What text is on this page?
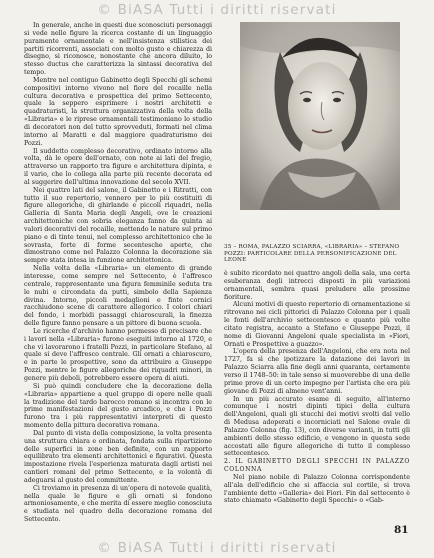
© BiASA Tutti i diritti riservati

In generale, anche in questi due sconosciuti personaggi si vede nelle figure la ricerca costante di un linguaggio puramente ornamentale e nell'insistenza stilistica dei partiti ricorrenti, associati con molto gusto e chiarezza di disegno, si riconosce, nonostante che ancora diluito, lo stesso ductus che caratterizza la sintassi decorativa del tempo.

Mentre nel contiguo Gabinetto degli Specchi gli schemi compositivi intorno vivono nel fiore del rocaille nella cultura decorativa e prospettica del primo Settecento, quale la seppero esprimere i nostri architetti e quadraturisti, la struttura organizzativa della volta della «Libraria» e le riprese ornamentali testimoniano lo studio di decoratori non del tutto sprovveduti, formati nel clima intorno al Maratti e dal maggiore quadraturismo dei Pozzi.

Il suddetto complesso decorativo, ordinato intorno alla volta, dà le opere dell'ornato, con note ai lati del fregio, attraverso un rapporto tra figure e architettura dipinta, e il vario, che lo collega alla parte più recente decorata ed al suggerire dell'ultima innovazione del secolo XVII.

Nei quattro lati del salone, il Gabinetto e i Ritratti, con tutto il suo repertorio, vennero per lo più costituiti di figure allegoriche, di ghirlande e piccoli riquadri, nella Galleria di Santa Maria degli Angeli, ove le creazioni architettoniche con sobria eleganza fanno da quinta ai valori decorativi del rocaille, mettendo le nature sul primo piano e di tinte tenui, nel complesso architettonico che le sovrasta, forte di forme secentesche aperte, che dimostrano come nel Palazzo Colonna la decorazione sia sempre stata intesa in funzione architettonica.

Nella volta della «Libraria» un elemento di grande interesse, come sempre nel Settecento, è l'affresco centrale, rappresentante una figura femminile seduta tra le nubi e circondata da putti, simbolo della Sapienza divina. Intorno, piccoli medaglioni e finte cornici racchiudono scene di carattere allegorico. I colori chiari del fondo, i morbidi passaggi chiaroscurali, la finezza delle figure fanno pensare a un pittore di buona scuola.

Le ricerche d'archivio hanno permesso di precisare che i lavori nella «Libraria» furono eseguiti intorno al 1720, e che vi lavorarono i fratelli Pozzi, in particolare Stefano, al quale si deve l'affresco centrale. Gli ornati a chiaroscuro, e in parte le prospettive, sono da attribuire a Giuseppe Pozzi, mentre le figure allegoriche dei riquadri minori, in genere più deboli, potrebbero essere opera di aiuti.

Si può quindi concludere che la decorazione della «Libraria» appartiene a quel gruppo di opere nelle quali la tradizione del tardo barocco romano si incontra con le prime manifestazioni del gusto arcadico, e che i Pozzi furono tra i più rappresentativi interpreti di questo momento della pittura decorativa romana.

Dal punto di vista della composizione, la volta presenta una struttura chiara e ordinata, fondata sulla ripartizione delle superfici in zone ben definite, con un rapporto equilibrato tra elementi architettonici e figurativi. Questa impostazione rivela l'esperienza maturata dagli artisti nei cantieri romani del primo Settecento, e la volontà di adeguarsi al gusto del committente.

Ci troviamo in presenza di un'opera di notevole qualità, nella quale le figure e gli ornati si fondono armoniosamente, e che merita di essere meglio conosciuta e studiata nel quadro della decorazione romana del Settecento.

35 – ROMA, PALAZZO SCIARRA, «LIBRARIA» – STEFANO POZZI: PARTICOLARE DELLA PERSONIFICAZIONE DEL LEONE

è subito ricordato nei quattro angoli della sala, una certa esuberanza degli intrecci disposti in più variazioni ornamentali, sembra quasi preludere alle prossime fioriture.

Alcuni motivi di questo repertorio di ornamentazione si ritrovano nei cicli pittorici di Palazzo Colonna per i quali le fonti dell'archivio settecentesco e quanto più volte citato registra, accanto a Stefano e Giuseppe Pozzi, il nome di Giovanni Angeloni quale specialista in «Fiori, Ornati e Prospettive a guazzo».

L'opera della presenza dell'Angeloni, che era nota nel 1727, fa sì che ipotizzare la datazione dei lavori in Palazzo Sciarra alla fine degli anni quaranta, certamente verso il 1748–50: in tale senso si muoverebbe di una delle prime prove di un certo impegno per l'artista che era più giovane di Pozzi di almeno vent'anni.

In un più accurato esame di seguito, all'interno comunque i nostri dipinti tipici della cultura dell'Angeloni, quali gli stucchi dei motivi svolti dal vello di Medusa adoperati e incorniciati nel Salone ovale di Palazzo Colonna (fig. 13), con diverse varianti, in tutti gli ambienti dello stesso edificio, e vengono in questa sede accostati alle figure allegoriche di tutto il complesso settecentesco.

2. IL GABINETTO DEGLI SPECCHI IN PALAZZO COLONNA

Nel piano nobile di Palazzo Colonna corrispondente all'ala dell'edificio che si affaccia sul cortile, si trova l'ambiente detto «Galleria» dei Fiori. Fin dal settecento è stato chiamato «Gabinetto degli Specchi» o «Gab-

81
© BiASA Tutti i diritti riservati
